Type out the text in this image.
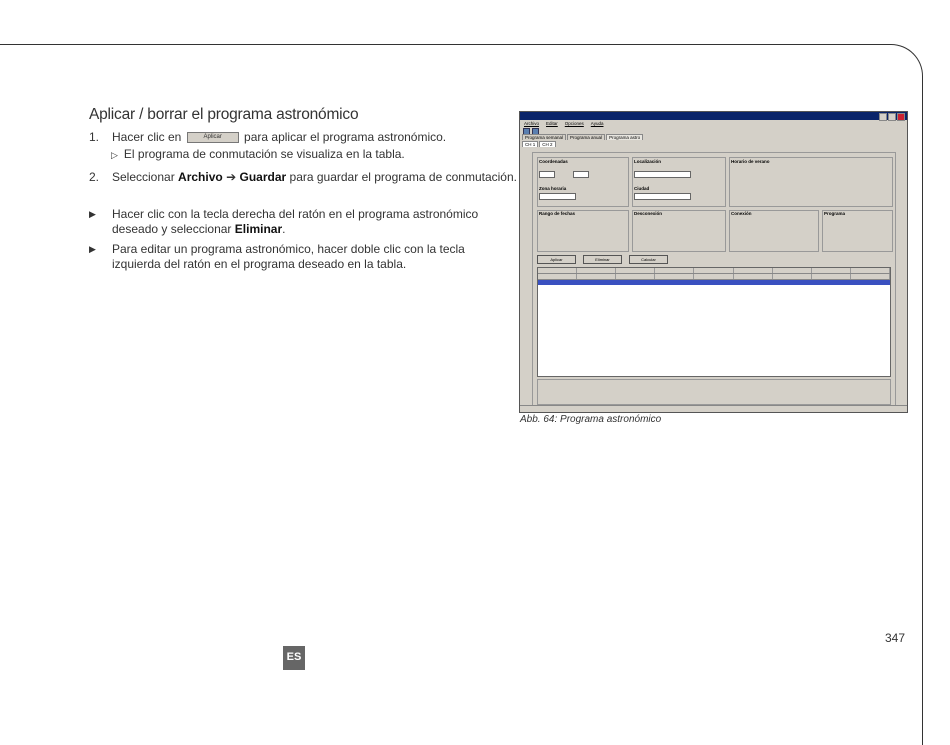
Aplicar / borrar el programa astronómico
1. Hacer clic en	Aplicar para aplicar el programa astronómico.
▷ El programa de conmutación se visualiza en la tabla.
2. Seleccionar Archivo ➔ Guardar para guardar el programa de conmutación.
▶ Hacer clic con la tecla derecha del ratón en el programa astronómico deseado y seleccionar Eliminar.
▶ Para editar un programa astronómico, hacer doble clic con la tecla izquierda del ratón en el programa deseado en la tabla.
Archivo Editar Opciones Ayuda
Programa semanal	Programa anual	Programa astro
CH 1	CH 2
Coordenadas
Zona horaria
Localización
Ciudad
Horario de verano
Rango de fechas	Desconexión	Conexión	Programa
Aplicar	Eliminar	Calcular
Abb. 64: Programa astronómico
347
ES
